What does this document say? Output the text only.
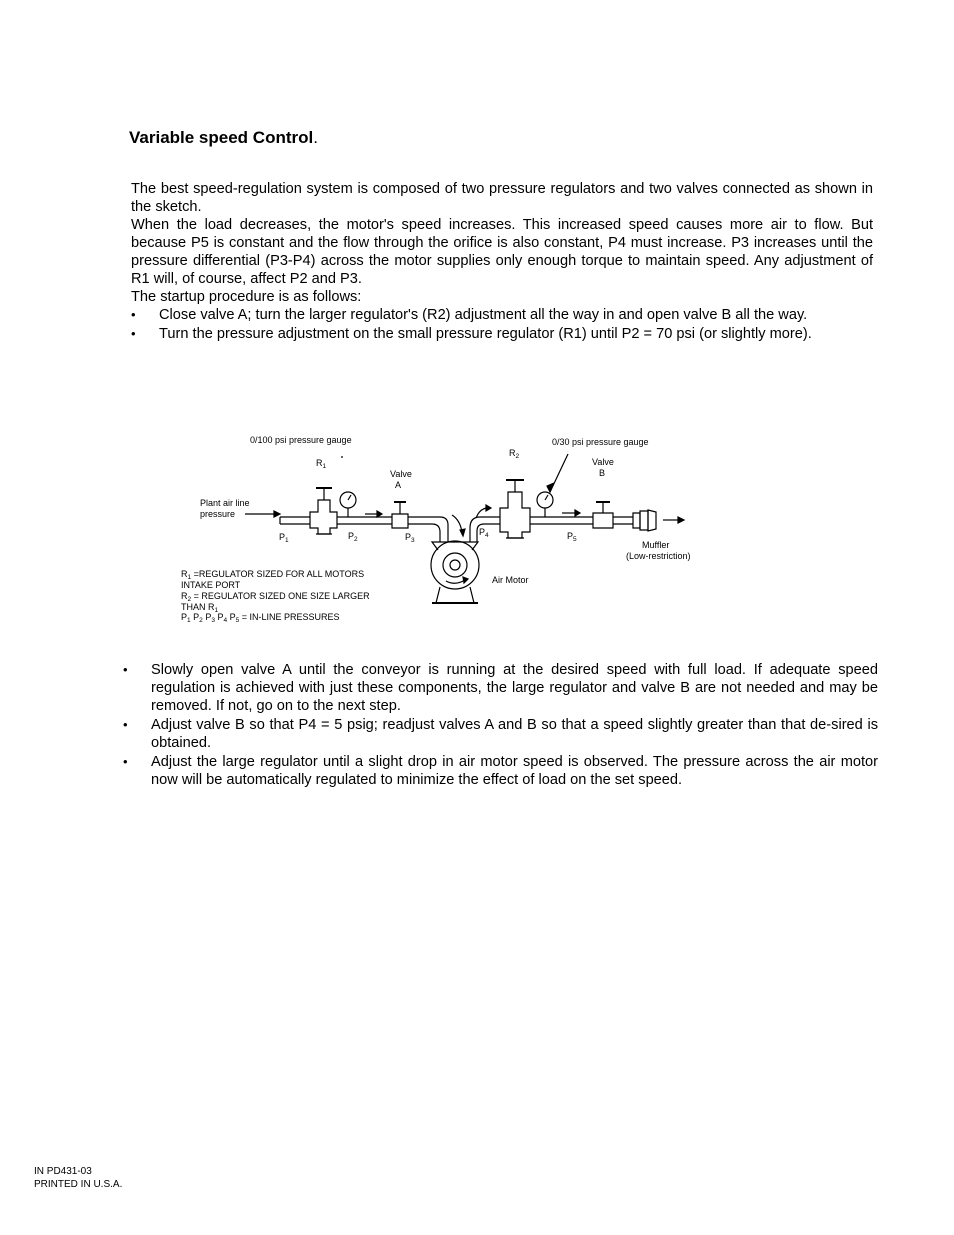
Variable speed Control.
The best speed-regulation system is composed of two pressure regulators and two valves connected as shown in the sketch.
When the load decreases, the motor's speed increases. This increased speed causes more air to flow. But because P5 is constant and the flow through the orifice is also constant, P4 must increase. P3 increases until the pressure differential (P3-P4) across the motor supplies only enough torque to maintain speed. Any adjustment of R1 will, of course, affect P2 and P3.
The startup procedure is as follows:
• Close valve A; turn the larger regulator's (R2) adjustment all the way in and open valve B all the way.
• Turn the pressure adjustment on the small pressure regulator (R1) until P2 = 70 psi (or slightly more).
0/100 psi pressure gauge	0/30 psi pressure gauge
$R_1$
$R_2$
Valve
A
Valve
B
Plant air line
pressure
$P_1$	$P_2$	$P_3$
$P_4$	$P_5$
Muffler
(Low-restriction)
Air Motor
$R_1$ =REGULATOR SIZED FOR ALL MOTORS
INTAKE PORT
$R_2$ = REGULATOR SIZED ONE SIZE LARGER
THAN $R_1$
$P_1$ $P_2$ $P_3$ $P_4$ $P_5$ = IN-LINE PRESSURES
• Slowly open valve A until the conveyor is running at the desired speed with full load. If adequate speed regulation is achieved with just these components, the large regulator and valve B are not needed and may be removed. If not, go on to the next step.
• Adjust valve B so that P4 = 5 psig; readjust valves A and B so that a speed slightly greater than that de-sired is obtained.
• Adjust the large regulator until a slight drop in air motor speed is observed. The pressure across the air motor now will be automatically regulated to minimize the effect of load on the set speed.
IN PD431-03
PRINTED IN U.S.A.
